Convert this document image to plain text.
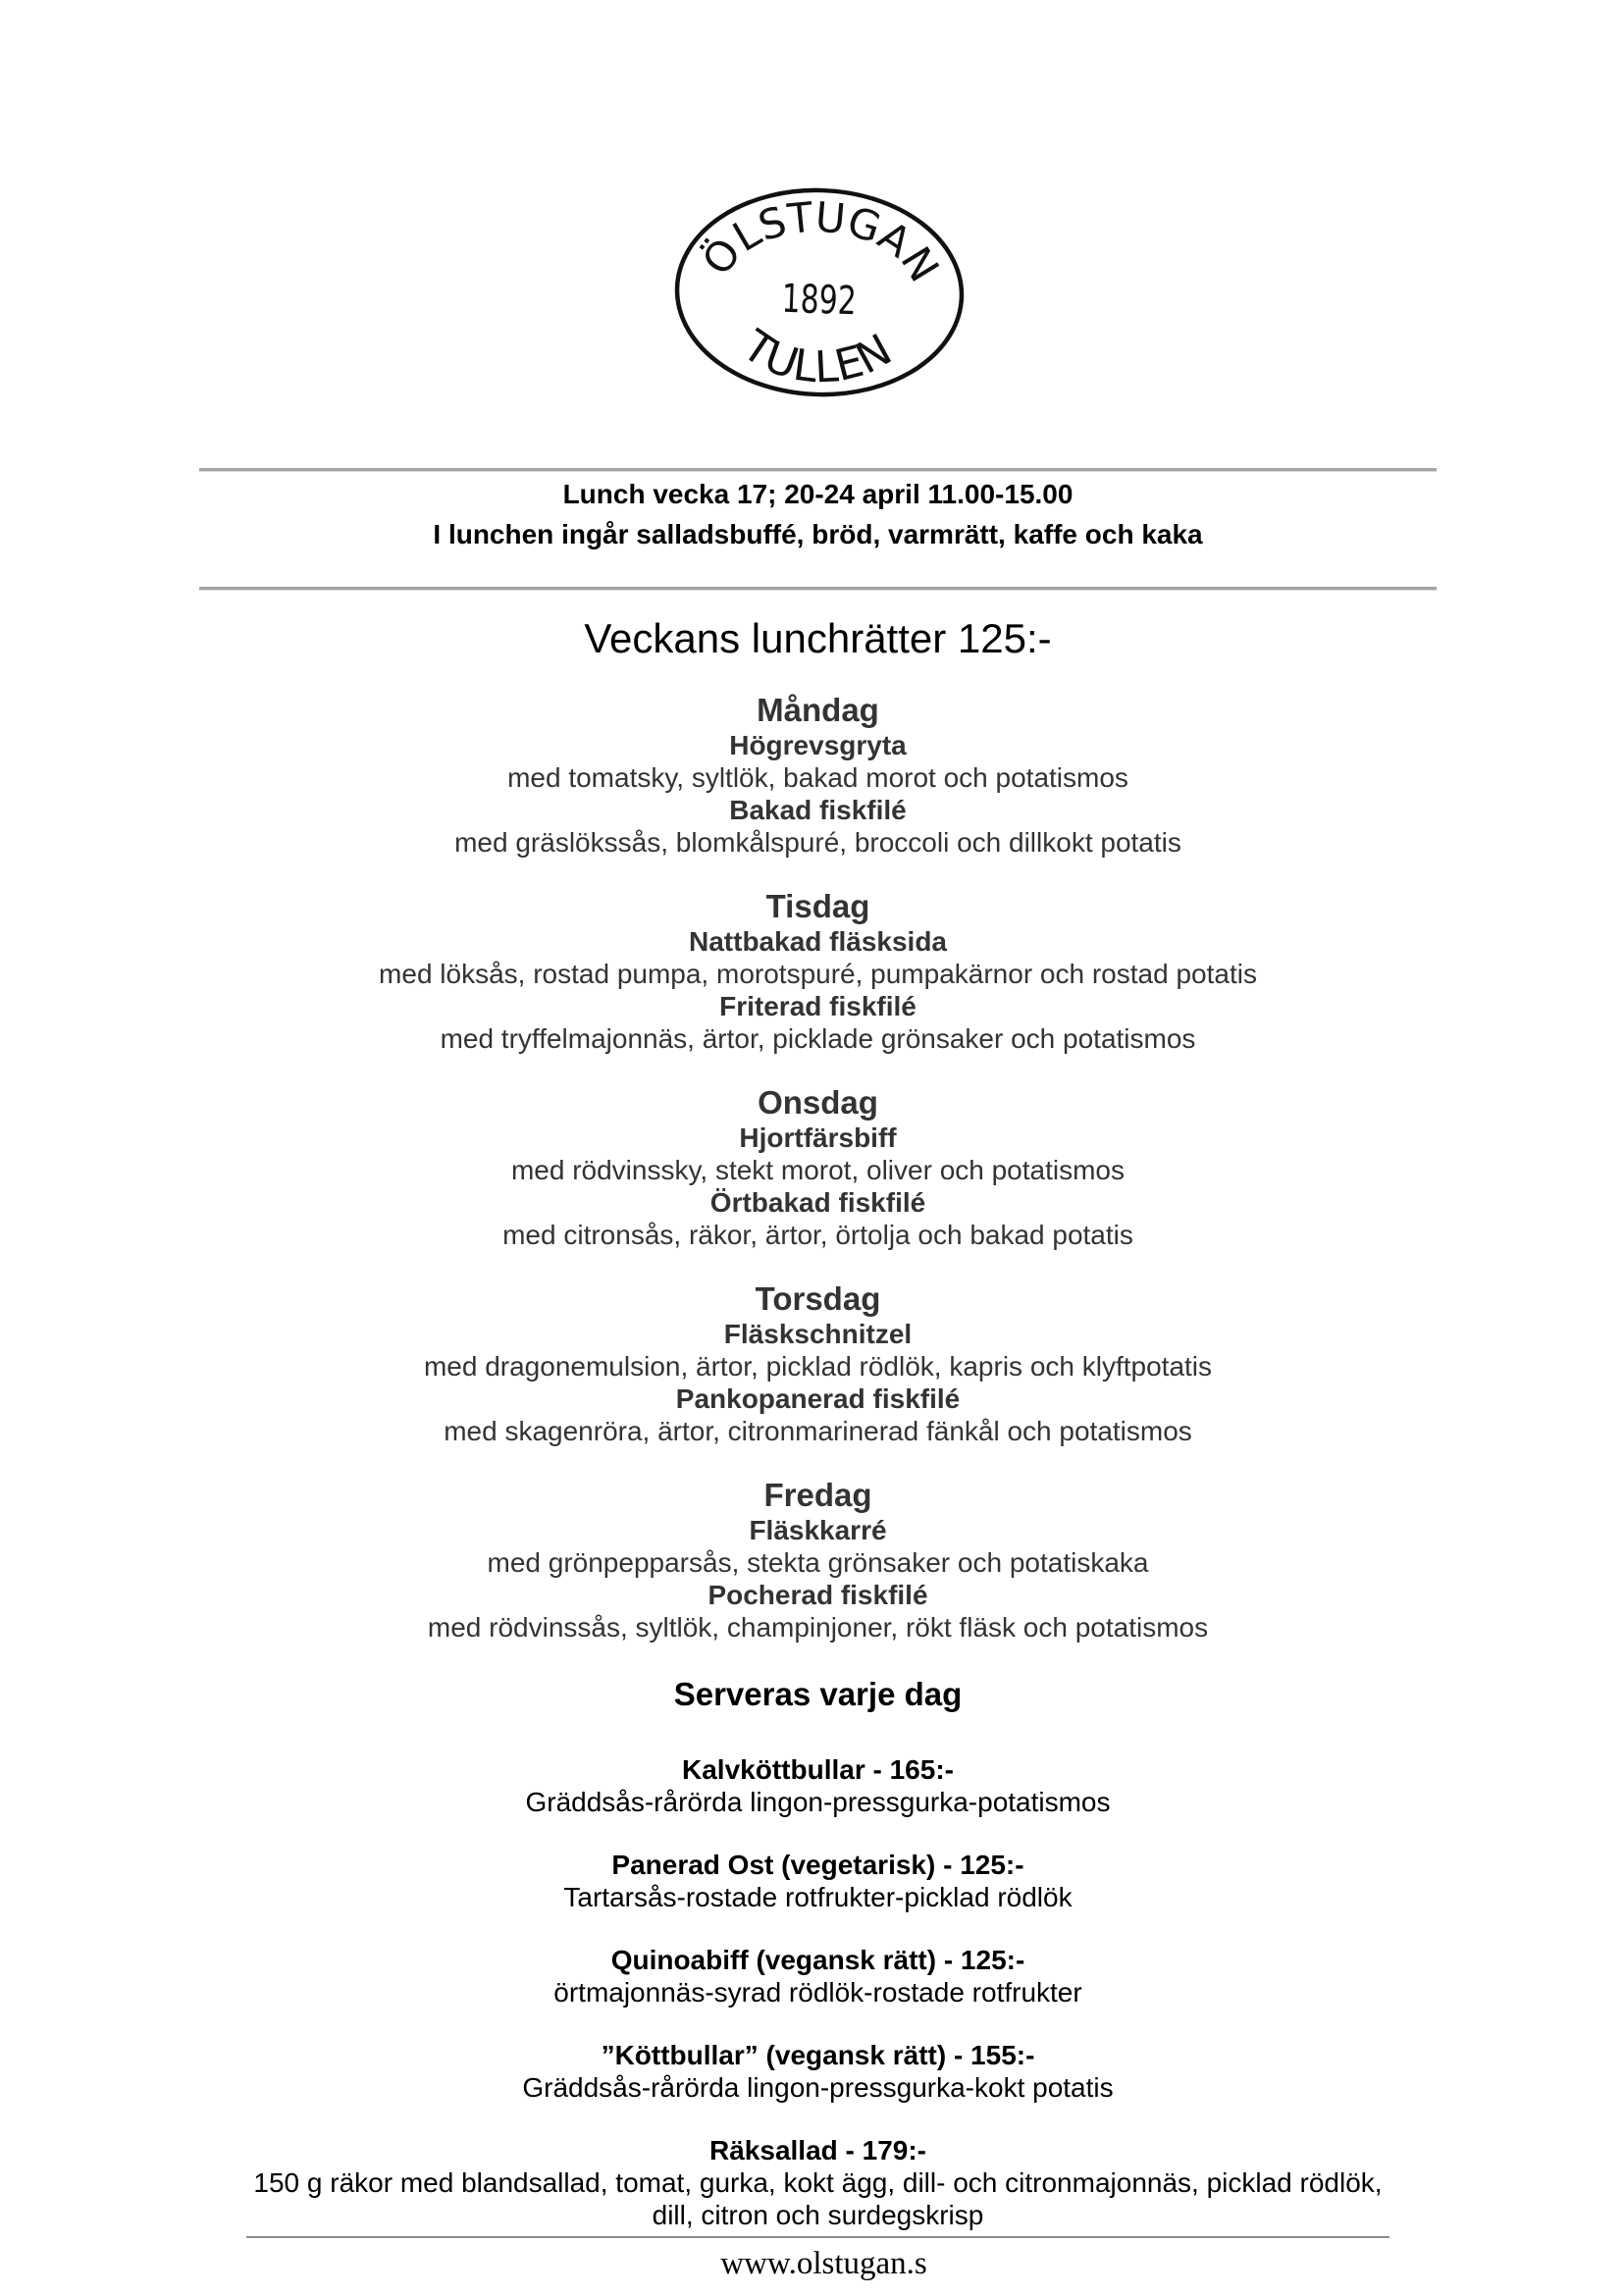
ÖLSTUGAN
1892
TULLEN
Lunch vecka 17; 20-24 april 11.00-15.00
I lunchen ingår salladsbuffé, bröd, varmrätt, kaffe och kaka
Veckans lunchrätter 125:-
Måndag
Högrevsgryta
med tomatsky, syltlök, bakad morot och potatismos
Bakad fiskfilé
med gräslökssås, blomkålspuré, broccoli och dillkokt potatis
Tisdag
Nattbakad fläsksida
med löksås, rostad pumpa, morotspuré, pumpakärnor och rostad potatis
Friterad fiskfilé
med tryffelmajonnäs, ärtor, picklade grönsaker och potatismos
Onsdag
Hjortfärsbiff
med rödvinssky, stekt morot, oliver och potatismos
Örtbakad fiskfilé
med citronsås, räkor, ärtor, örtolja och bakad potatis
Torsdag
Fläskschnitzel
med dragonemulsion, ärtor, picklad rödlök, kapris och klyftpotatis
Pankopanerad fiskfilé
med skagenröra, ärtor, citronmarinerad fänkål och potatismos
Fredag
Fläskkarré
med grönpepparsås, stekta grönsaker och potatiskaka
Pocherad fiskfilé
med rödvinssås, syltlök, champinjoner, rökt fläsk och potatismos
Serveras varje dag
Kalvköttbullar - 165:-
Gräddsås-rårörda lingon-pressgurka-potatismos
Panerad Ost (vegetarisk) - 125:-
Tartarsås-rostade rotfrukter-picklad rödlök
Quinoabiff (vegansk rätt) - 125:-
örtmajonnäs-syrad rödlök-rostade rotfrukter
”Köttbullar” (vegansk rätt) - 155:-
Gräddsås-rårörda lingon-pressgurka-kokt potatis
Räksallad - 179:-
150 g räkor med blandsallad, tomat, gurka, kokt ägg, dill- och citronmajonnäs, picklad rödlök,
dill, citron och surdegskrisp
www.olstugan.s
